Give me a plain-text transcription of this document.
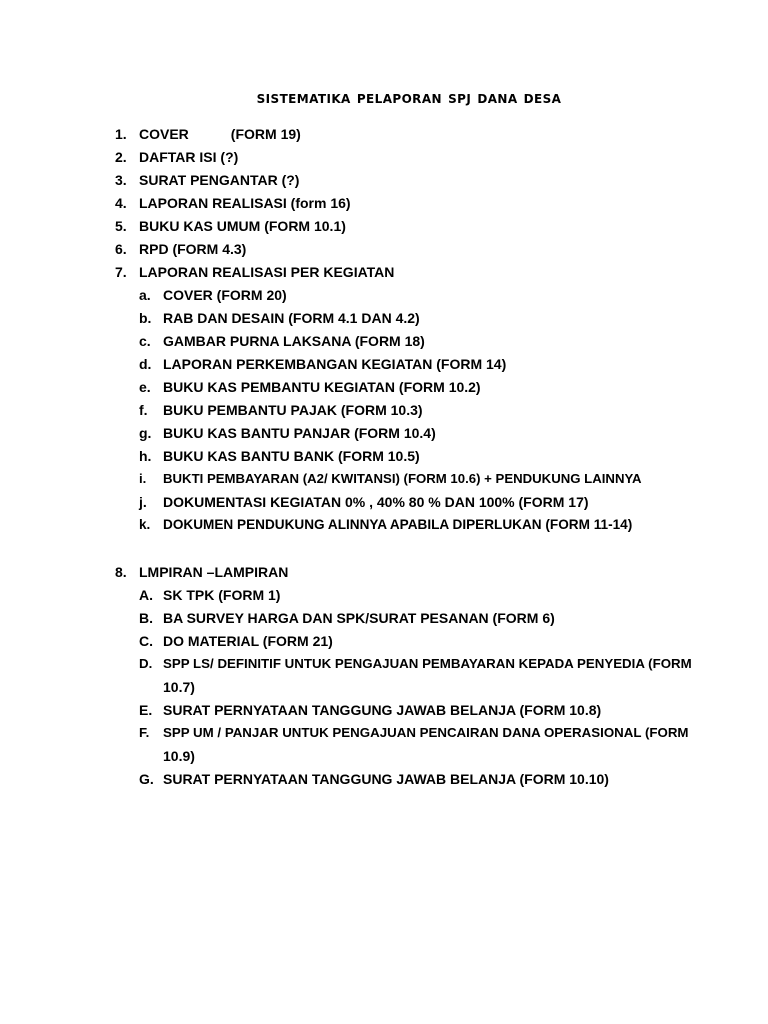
sistematika pelaporan spj dana desa
1. COVER	(FORM 19)
2. DAFTAR ISI (?)
3. SURAT PENGANTAR (?)
4. LAPORAN REALISASI (form 16)
5. BUKU KAS UMUM (FORM 10.1)
6. RPD (FORM 4.3)
7. LAPORAN REALISASI PER KEGIATAN
a. COVER (FORM 20)
b. RAB DAN DESAIN (FORM 4.1 DAN 4.2)
c. GAMBAR PURNA LAKSANA (FORM 18)
d. LAPORAN PERKEMBANGAN KEGIATAN (FORM 14)
e. BUKU KAS PEMBANTU KEGIATAN (FORM 10.2)
f. BUKU PEMBANTU PAJAK (FORM 10.3)
g. BUKU KAS BANTU PANJAR (FORM 10.4)
h. BUKU KAS BANTU BANK (FORM 10.5)
i. BUKTI PEMBAYARAN (A2/ KWITANSI) (FORM 10.6) + PENDUKUNG LAINNYA
j. DOKUMENTASI KEGIATAN 0% , 40% 80 % DAN 100% (FORM 17)
k. DOKUMEN PENDUKUNG ALINNYA APABILA DIPERLUKAN (FORM 11-14)
8. LMPIRAN –LAMPIRAN
A. SK TPK (FORM 1)
B. BA SURVEY HARGA DAN SPK/SURAT PESANAN (FORM 6)
C. DO MATERIAL (FORM 21)
D. SPP LS/ DEFINITIF UNTUK PENGAJUAN PEMBAYARAN KEPADA PENYEDIA (FORM
10.7)
E. SURAT PERNYATAAN TANGGUNG JAWAB BELANJA (FORM 10.8)
F. SPP UM / PANJAR UNTUK PENGAJUAN PENCAIRAN DANA OPERASIONAL (FORM
10.9)
G. SURAT PERNYATAAN TANGGUNG JAWAB BELANJA (FORM 10.10)
